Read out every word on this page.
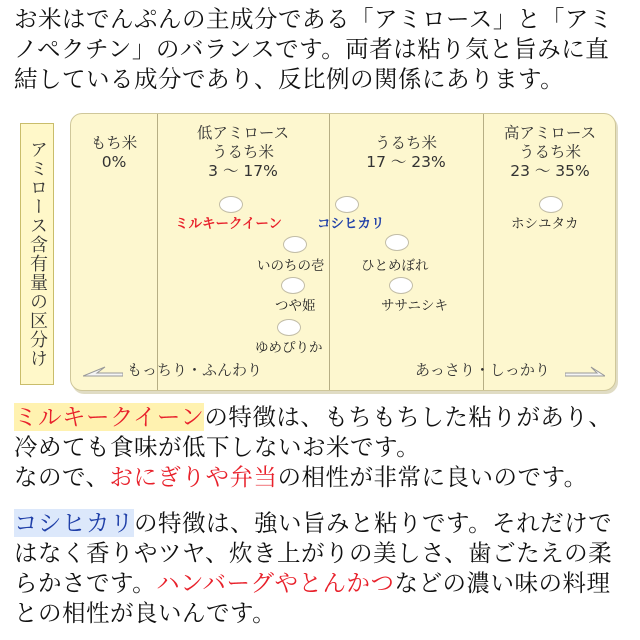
お米はでんぷんの主成分である「アミロース」と「アミ
ノペクチン」のバランスです。両者は粘り気と旨みに直
結している成分であり、反比例の関係にあります。
アミロース含有量の区分け	もち米
0%
低アミロース
うるち米
3 〜 17%
うるち米
17 〜 23%
高アミロース
うるち米
23 〜 35%
ミルキークイーン	コシヒカリ	ホシユタカ
いのちの壱	ひとめぼれ
つや姫	ササニシキ
ゆめぴりか
もっちり・ふんわり	あっさり・しっかり
ミルキークイーンの特徴は、もちもちした粘りがあり、
冷めても食味が低下しないお米です。
なので、おにぎりや弁当の相性が非常に良いのです。
コシヒカリの特徴は、強い旨みと粘りです。それだけで
はなく香りやツヤ、炊き上がりの美しさ、歯ごたえの柔
らかさです。ハンバーグやとんかつなどの濃い味の料理
との相性が良いんです。
